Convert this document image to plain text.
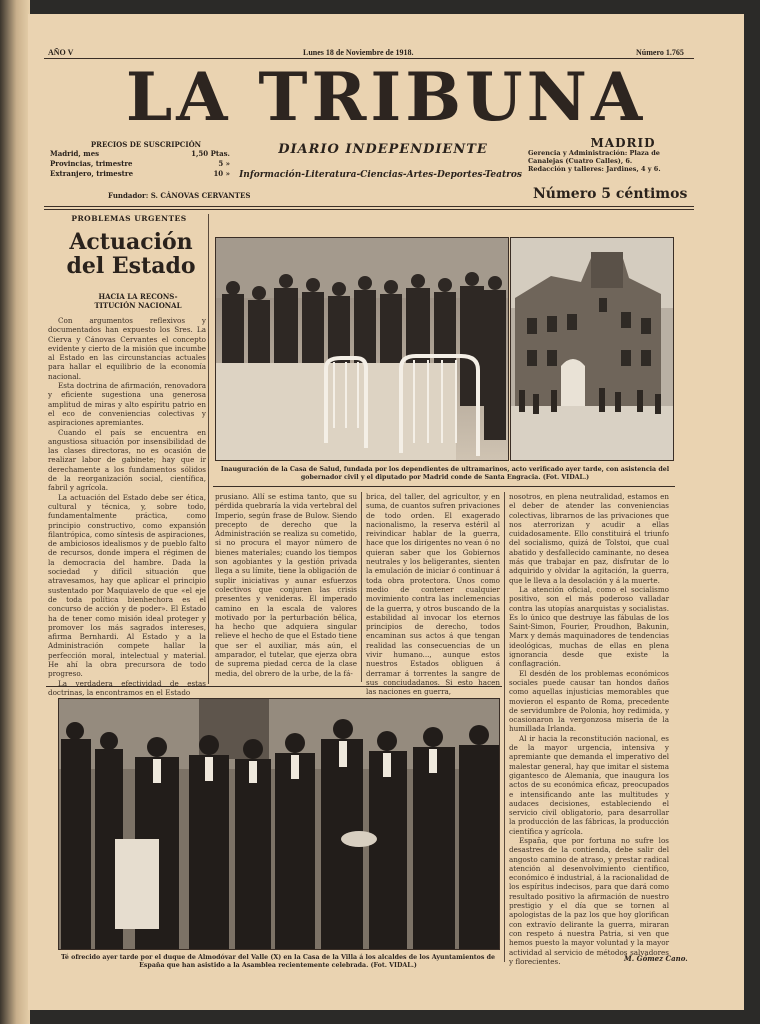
AÑO V	Lunes 18 de Noviembre de 1918.	Número 1.765
LA TRIBUNA
DIARIO INDEPENDIENTE
Información-Literatura-Ciencias-Artes-Deportes-Teatros
PRECIOS DE SUSCRIPCIÓN
Madrid, mes	1,50 Ptas.
Provincias, trimestre	5 »
Extranjero, trimestre	10 »
Fundador: S. CÁNOVAS CERVANTES
MADRID
Gerencia y Administración: Plaza de
Canalejas (Cuatro Calles), 6.
Redacción y talleres: Jardines, 4 y 6.
Número 5 céntimos
PROBLEMAS URGENTES
Actuación
del Estado
HACIA LA RECONS-
TITUCIÓN NACIONAL

Con argumentos reflexivos y documentados han expuesto los Sres. La Cierva y Cánovas Cervantes el concepto evidente y cierto de la misión que incumbe al Estado en las circunstancias actuales para hallar el equilibrio de la economía nacional.

Esta doctrina de afirmación, renovadora y eficiente sugestiona una generosa amplitud de miras y alto espíritu patrio en el eco de conveniencias colectivas y aspiraciones apremiantes.

Cuando el país se encuentra en angustiosa situación por insensibilidad de las clases directoras, no es ocasión de realizar labor de gabinete; hay que ir derechamente a los fundamentos sólidos de la reorganización social, científica, fabril y agrícola.

La actuación del Estado debe ser ética, cultural y técnica, y, sobre todo, fundamentalmente práctica, como principio constructivo, como expansión filantrópica, como síntesis de aspiraciones, de ambiciosos idealismos y de pueblo falto de recursos, donde impera el régimen de la democracia del hambre. Dada la sociedad y difícil situación que atravesamos, hay que aplicar el principio sustentado por Maquiavelo de que «el eje de toda política bienhechora es el concurso de acción y de poder». El Estado ha de tener como misión ideal proteger y promover los más sagrados intereses, afirma Bernhardi. Al Estado y a la Administración compete hallar la perfección moral, intelectual y material. He ahí la obra precursora de todo progreso.

La verdadera efectividad de estas doctrinas, la encontramos en el Estado

Inauguración de la Casa de Salud, fundada por los dependientes de ultramarinos, acto verificado ayer tarde, con asistencia del gobernador civil y el diputado por Madrid conde de Santa Engracia. (Fot. VIDAL.)

prusiano. Allí se estima tanto, que su pérdida quebraría la vida vertebral del Imperio, según frase de Bulow. Siendo precepto de derecho que la Administración se realiza su cometido, si no procura el mayor número de bienes materiales; cuando los tiempos son agobiantes y la gestión privada llega a su límite, tiene la obligación de suplir iniciativas y aunar esfuerzos colectivos que conjuren las crisis presentes y venideras. El imperado camino en la escala de valores motivado por la perturbación bélica, ha hecho que adquiera singular relieve el hecho de que el Estado tiene que ser el auxiliar, más aún, el amparador, el tutelar, que ejerza obra de suprema piedad cerca de la clase media, del obrero de la urbe, de la fá-

brica, del taller, del agricultor, y en suma, de cuantos sufren privaciones de todo orden. El exagerado nacionalismo, la reserva estéril al reivindicar hablar de la guerra, hace que los dirigentes no vean ó no quieran saber que los Gobiernos neutrales y los beligerantes, sienten la emulación de iniciar ó continuar á toda obra protectora. Unos como medio de contener cualquier movimiento contra las inclemencias de la guerra, y otros buscando de la estabilidad al invocar los eternos principios de derecho, todos encaminan sus actos á que tengan realidad las consecuencias de un vivir humano..., aunque estos nuestros Estados obliguen á derramar á torrentes la sangre de sus conciudadanos. Si esto hacen las naciones en guerra,

nosotros, en plena neutralidad, estamos en el deber de atender las conveniencias colectivas, librarnos de las privaciones que nos aterrorizan y acudir a ellas cuidadosamente. Ello constituirá el triunfo del socialismo, quizá de Tolstoi, que cual abatido y desfallecido caminante, no desea más que trabajar en paz, disfrutar de lo adquirido y olvidar la agitación, la guerra, que le lleva a la desolación y á la muerte.

La atención oficial, como el socialismo positivo, son el más poderoso valladar contra las utopías anarquistas y socialistas. Es lo único que destruye las fábulas de los Saint-Simon, Fourier, Proudhon, Bakunin, Marx y demás maquinadores de tendencias ideológicas, muchas de ellas en plena ignorancia desde que existe la conflagración.

El desdén de los problemas económicos sociales puede causar tan hondos daños como aquellas injusticias memorables que movieron el espanto de Roma, precedente de servidumbre de Polonia, hoy redimida, y ocasionaron la vergonzosa miseria de la humillada Irlanda.

Al ir hacia la reconstitución nacional, es de la mayor urgencia, intensiva y apremiante que demanda el imperativo del malestar general, hay que imitar el sistema gigantesco de Alemania, que inaugura los actos de su económica eficaz, preocupados e intensificando ante las multitudes y audaces decisiones, estableciendo el servicio civil obligatorio, para desarrollar la producción de las fábricas, la producción científica y agrícola.

España, que por fortuna no sufre los desastres de la contienda, debe salir del angosto camino de atraso, y prestar radical atención al desenvolvimiento científico, económico é industrial, á la racionalidad de los espíritus indecisos, para que dará como resultado positivo la afirmación de nuestro prestigio y el día que se tornen al apologistas de la paz los que hoy glorifican con extravío delirante la guerra, miraran con respeto á nuestra Patria, si ven que hemos puesto la mayor voluntad y la mayor actividad al servicio de métodos salvadores y florecientes.	M. Gómez Cano.
Té ofrecido ayer tarde por el duque de Almodóvar del Valle (X) en la Casa de la Villa á los alcaldes de los Ayuntamientos de España que han asistido a la Asamblea recientemente celebrada. (Fot. VIDAL.)
